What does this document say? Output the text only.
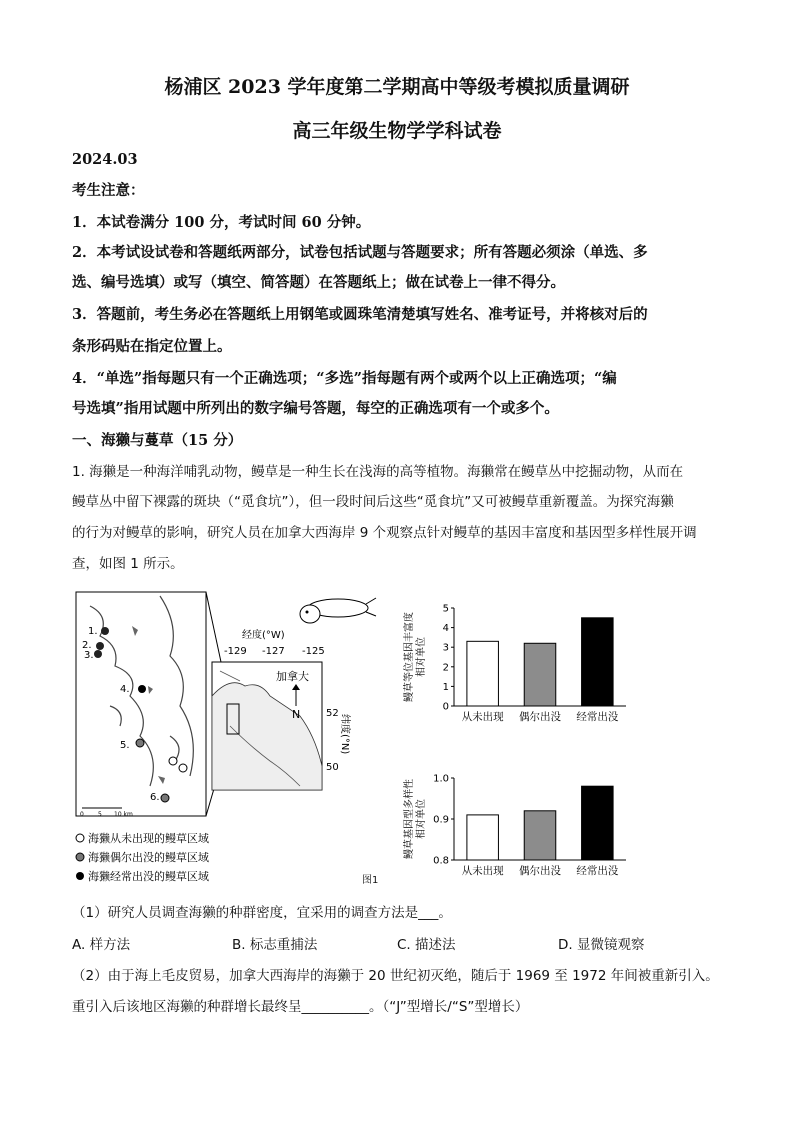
杨浦区 2023 学年度第二学期高中等级考模拟质量调研
高三年级生物学学科试卷
2024.03
考生注意：
1．本试卷满分 100 分，考试时间 60 分钟。
2．本考试设试卷和答题纸两部分，试卷包括试题与答题要求；所有答题必须涂（单选、多
选、编号选填）或写（填空、简答题）在答题纸上；做在试卷上一律不得分。
3．答题前，考生务必在答题纸上用钢笔或圆珠笔清楚填写姓名、准考证号，并将核对后的
条形码贴在指定位置上。
4．“单选”指每题只有一个正确选项；“多选”指每题有两个或两个以上正确选项；“编
号选填”指用试题中所列出的数字编号答题，每空的正确选项有一个或多个。
一、海獭与蔓草（15 分）
1. 海獭是一种海洋哺乳动物，鳗草是一种生长在浅海的高等植物。海獭常在鳗草丛中挖掘动物，从而在
鳗草丛中留下裸露的斑块（“觅食坑”），但一段时间后这些“觅食坑”又可被鳗草重新覆盖。为探究海獭
的行为对鳗草的影响，研究人员在加拿大西海岸 9 个观察点针对鳗草的基因丰富度和基因型多样性展开调
查，如图 1 所示。
1.
2.
3.
4.
5.
6.
0 5 10 km
经度(°W)
-129 -127 -125
加拿大
N	52
50
纬度(°N)
海獭从未出现的鳗草区域
海獭偶尔出没的鳗草区域
海獭经常出没的鳗草区域	图1
0
1
2
3
4
5
从未出现 偶尔出没 经常出没
鳗草等位基因丰富度 相对单位
0.8
0.9
1.0
从未出现 偶尔出没 经常出没
鳗草基因型多样性 相对单位
（1）研究人员调查海獭的种群密度，宜采用的调查方法是___。
A. 样方法	B. 标志重捕法	C. 描述法	D. 显微镜观察
（2）由于海上毛皮贸易，加拿大西海岸的海獭于 20 世纪初灭绝，随后于 1969 至 1972 年间被重新引入。
重引入后该地区海獭的种群增长最终呈__________。（“J”型增长/“S”型增长）
